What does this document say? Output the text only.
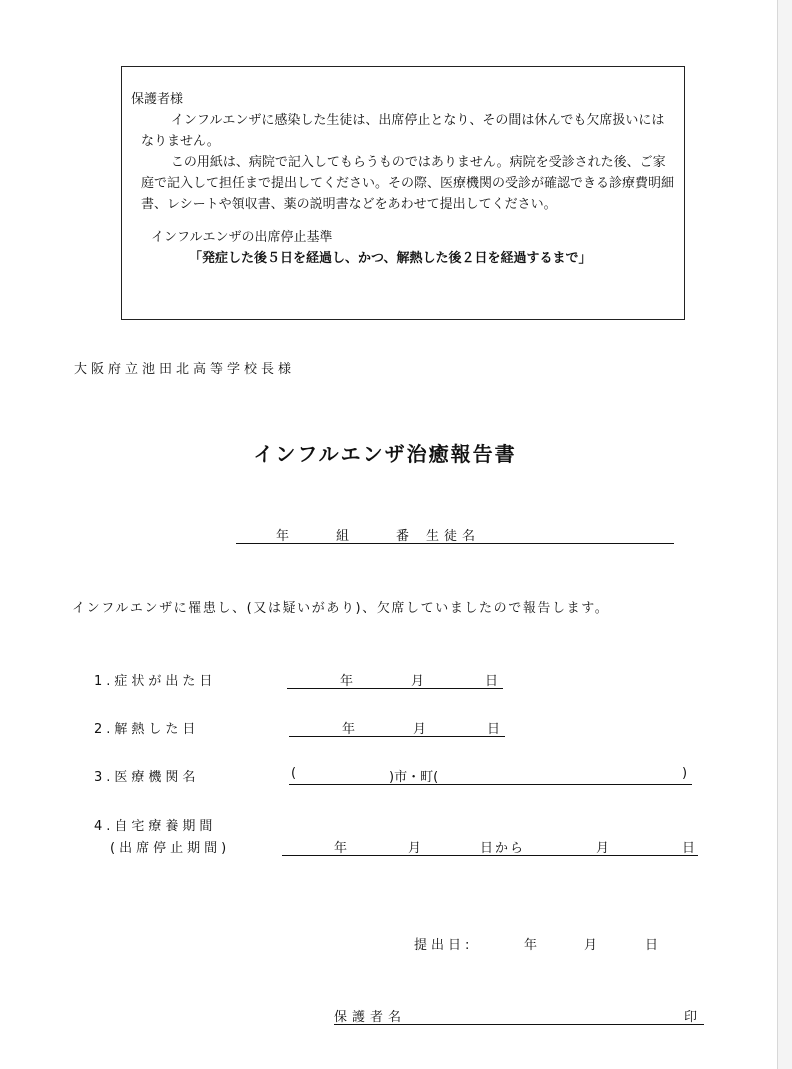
保護者様

インフルエンザに感染した生徒は、出席停止となり、その間は休んでも欠席扱いにはなりません。

この用紙は、病院で記入してもらうものではありません。病院を受診された後、ご家庭で記入して担任まで提出してください。その際、医療機関の受診が確認できる診療費明細書、レシートや領収書、薬の説明書などをあわせて提出してください。

インフルエンザの出席停止基準

「発症した後５日を経過し、かつ、解熱した後２日を経過するまで」

大阪府立池田北高等学校長様
インフルエンザ治癒報告書
年	組	番 生徒名
インフルエンザに罹患し、(又は疑いがあり)、欠席していましたので報告します。
1.症状が出た日	年	月	日
2.解熱した日	年	月	日
3.医療機関名	(	)市・町(	)
4.自宅療養期間
(出席停止期間)	年	月	日から	月	日
提出日:	年	月	日
保護者名	印
